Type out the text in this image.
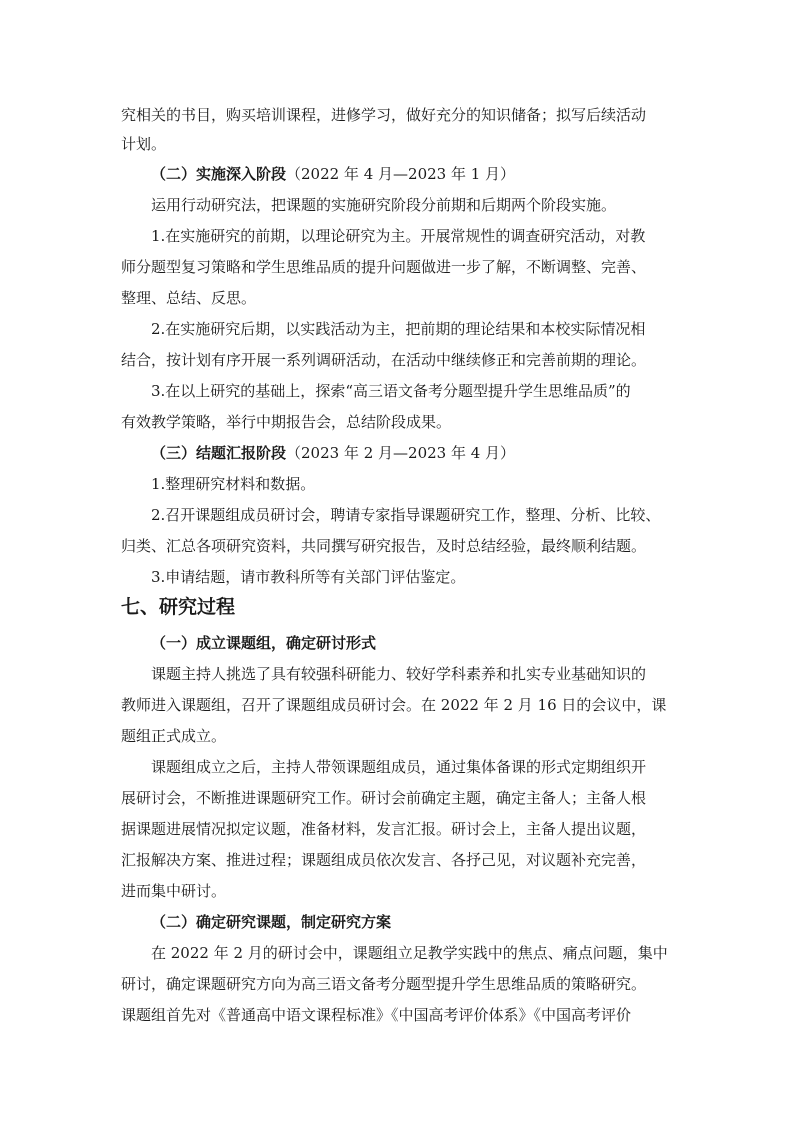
究相关的书目，购买培训课程，进修学习，做好充分的知识储备；拟写后续活动

计划。

（二）实施深入阶段（2022 年 4 月—2023 年 1 月）

运用行动研究法，把课题的实施研究阶段分前期和后期两个阶段实施。

1.在实施研究的前期，以理论研究为主。开展常规性的调查研究活动，对教

师分题型复习策略和学生思维品质的提升问题做进一步了解，不断调整、完善、

整理、总结、反思。

2.在实施研究后期，以实践活动为主，把前期的理论结果和本校实际情况相

结合，按计划有序开展一系列调研活动，在活动中继续修正和完善前期的理论。

3.在以上研究的基础上，探索“高三语文备考分题型提升学生思维品质”的

有效教学策略，举行中期报告会，总结阶段成果。

（三）结题汇报阶段（2023 年 2 月—2023 年 4 月）

1.整理研究材料和数据。

2.召开课题组成员研讨会，聘请专家指导课题研究工作，整理、分析、比较、

归类、汇总各项研究资料，共同撰写研究报告，及时总结经验，最终顺利结题。

3.申请结题，请市教科所等有关部门评估鉴定。

七、研究过程

（一）成立课题组，确定研讨形式

课题主持人挑选了具有较强科研能力、较好学科素养和扎实专业基础知识的

教师进入课题组，召开了课题组成员研讨会。在 2022 年 2 月 16 日的会议中，课

题组正式成立。

课题组成立之后，主持人带领课题组成员，通过集体备课的形式定期组织开

展研讨会，不断推进课题研究工作。研讨会前确定主题，确定主备人；主备人根

据课题进展情况拟定议题，准备材料，发言汇报。研讨会上，主备人提出议题，

汇报解决方案、推进过程；课题组成员依次发言、各抒己见，对议题补充完善，

进而集中研讨。

（二）确定研究课题，制定研究方案

在 2022 年 2 月的研讨会中，课题组立足教学实践中的焦点、痛点问题，集中

研讨，确定课题研究方向为高三语文备考分题型提升学生思维品质的策略研究。

课题组首先对《普通高中语文课程标准》《中国高考评价体系》《中国高考评价
